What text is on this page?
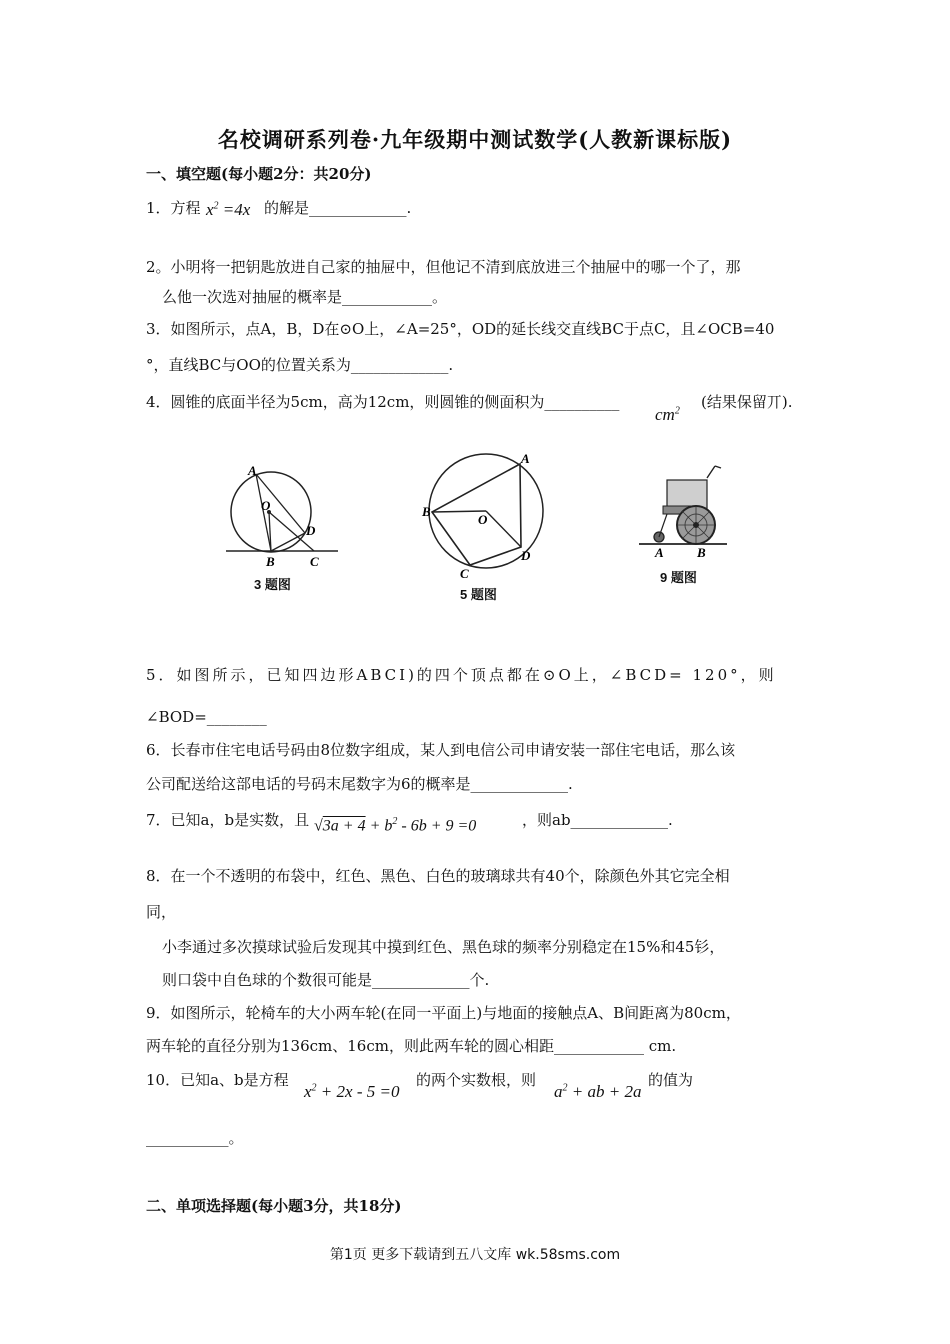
名校调研系列卷·九年级期中测试数学(人教新课标版)
一、填空题(每小题2分：共20分)
1．方程 $x^2 =4x$ 的解是_____________.
2。小明将一把钥匙放进自己家的抽屉中，但他记不清到底放进三个抽屉中的哪一个了，那
么他一次选对抽屉的概率是____________。
3．如图所示，点A，B，D在⊙O上，∠A=25°，OD的延长线交直线BC于点C，且∠OCB=40
°，直线BC与OO的位置关系为_____________.
4．圆锥的底面半径为5cm，高为12cm，则圆锥的侧面积为__________
$cm^2$ (结果保留丌).
A
O
D
B	C
3 题图
A
B
O
C
D
5 题图
A	B
9 题图
5．如图所示，已知四边形ABCI)的四个顶点都在⊙O上，∠BCD= 120°，则
∠BOD=________
6．长春市住宅电话号码由8位数字组成，某人到电信公司申请安装一部住宅电话，那么该
公司配送给这部电话的号码末尾数字为6的概率是_____________.
7．已知a，b是实数，且 $√3a + 4 + b^2 - 6b + 9 =0$	，则ab_____________.
8．在一个不透明的布袋中，红色、黑色、白色的玻璃球共有40个，除颜色外其它完全相
同，
小李通过多次摸球试验后发现其中摸到红色、黑色球的频率分别稳定在15%和45钐，
则口袋中自色球的个数很可能是_____________个.
9．如图所示，轮椅车的大小两车轮(在同一平面上)与地面的接触点A、B间距离为80cm，
两车轮的直径分别为136cm、16cm，则此两车轮的圆心相距____________ cm.
10．已知a、b是方程
$x^2 + 2x - 5 =0$
的两个实数根，则
$a^2$ + ab + 2a
的值为
___________。
二、单项选择题(每小题3分，共18分)
第1页 更多下载请到五八文库 wk.58sms.com
